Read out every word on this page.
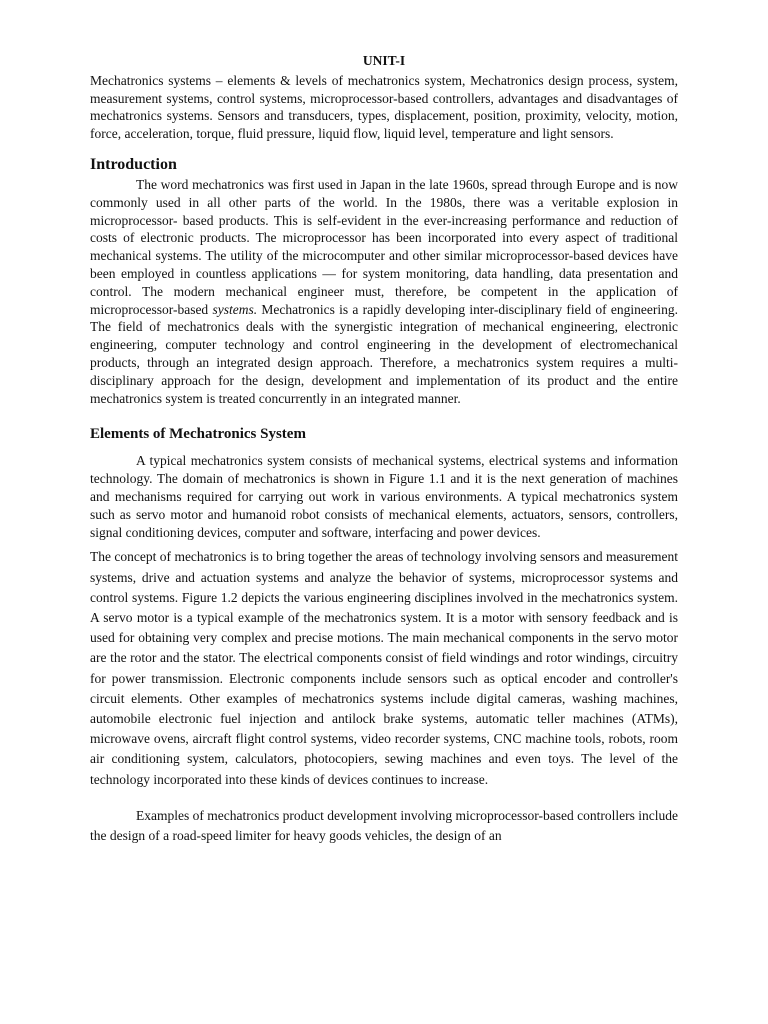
UNIT-I

Mechatronics systems – elements & levels of mechatronics system, Mechatronics design process, system, measurement systems, control systems, microprocessor-based controllers, advantages and disadvantages of mechatronics systems. Sensors and transducers, types, displacement, position, proximity, velocity, motion, force, acceleration, torque, fluid pressure, liquid flow, liquid level, temperature and light sensors.

Introduction

The word mechatronics was first used in Japan in the late 1960s, spread through Europe and is now commonly used in all other parts of the world. In the 1980s, there was a veritable explosion in microprocessor- based products. This is self-evident in the ever-increasing performance and reduction of costs of electronic products. The microprocessor has been incorporated into every aspect of traditional mechanical systems. The utility of the microcomputer and other similar microprocessor-based devices have been employed in countless applications — for system monitoring, data handling, data presentation and control. The modern mechanical engineer must, therefore, be competent in the application of microprocessor-based systems. Mechatronics is a rapidly developing inter-disciplinary field of engineering. The field of mechatronics deals with the synergistic integration of mechanical engineering, electronic engineering, computer technology and control engineering in the development of electromechanical products, through an integrated design approach. Therefore, a mechatronics system requires a multi-disciplinary approach for the design, development and implementation of its product and the entire mechatronics system is treated concurrently in an integrated manner.

Elements of Mechatronics System

A typical mechatronics system consists of mechanical systems, electrical systems and information technology. The domain of mechatronics is shown in Figure 1.1 and it is the next generation of machines and mechanisms required for carrying out work in various environments. A typical mechatronics system such as servo motor and humanoid robot consists of mechanical elements, actuators, sensors, controllers, signal conditioning devices, computer and software, interfacing and power devices.

The concept of mechatronics is to bring together the areas of technology involving sensors and measurement systems, drive and actuation systems and analyze the behavior of systems, microprocessor systems and control systems. Figure 1.2 depicts the various engineering disciplines involved in the mechatronics system. A servo motor is a typical example of the mechatronics system. It is a motor with sensory feedback and is used for obtaining very complex and precise motions. The main mechanical components in the servo motor are the rotor and the stator. The electrical components consist of field windings and rotor windings, circuitry for power transmission. Electronic components include sensors such as optical encoder and controller's circuit elements. Other examples of mechatronics systems include digital cameras, washing machines, automobile electronic fuel injection and antilock brake systems, automatic teller machines (ATMs), microwave ovens, aircraft flight control systems, video recorder systems, CNC machine tools, robots, room air conditioning system, calculators, photocopiers, sewing machines and even toys. The level of the technology incorporated into these kinds of devices continues to increase.

Examples of mechatronics product development involving microprocessor-based controllers include the design of a road-speed limiter for heavy goods vehicles, the design of an
